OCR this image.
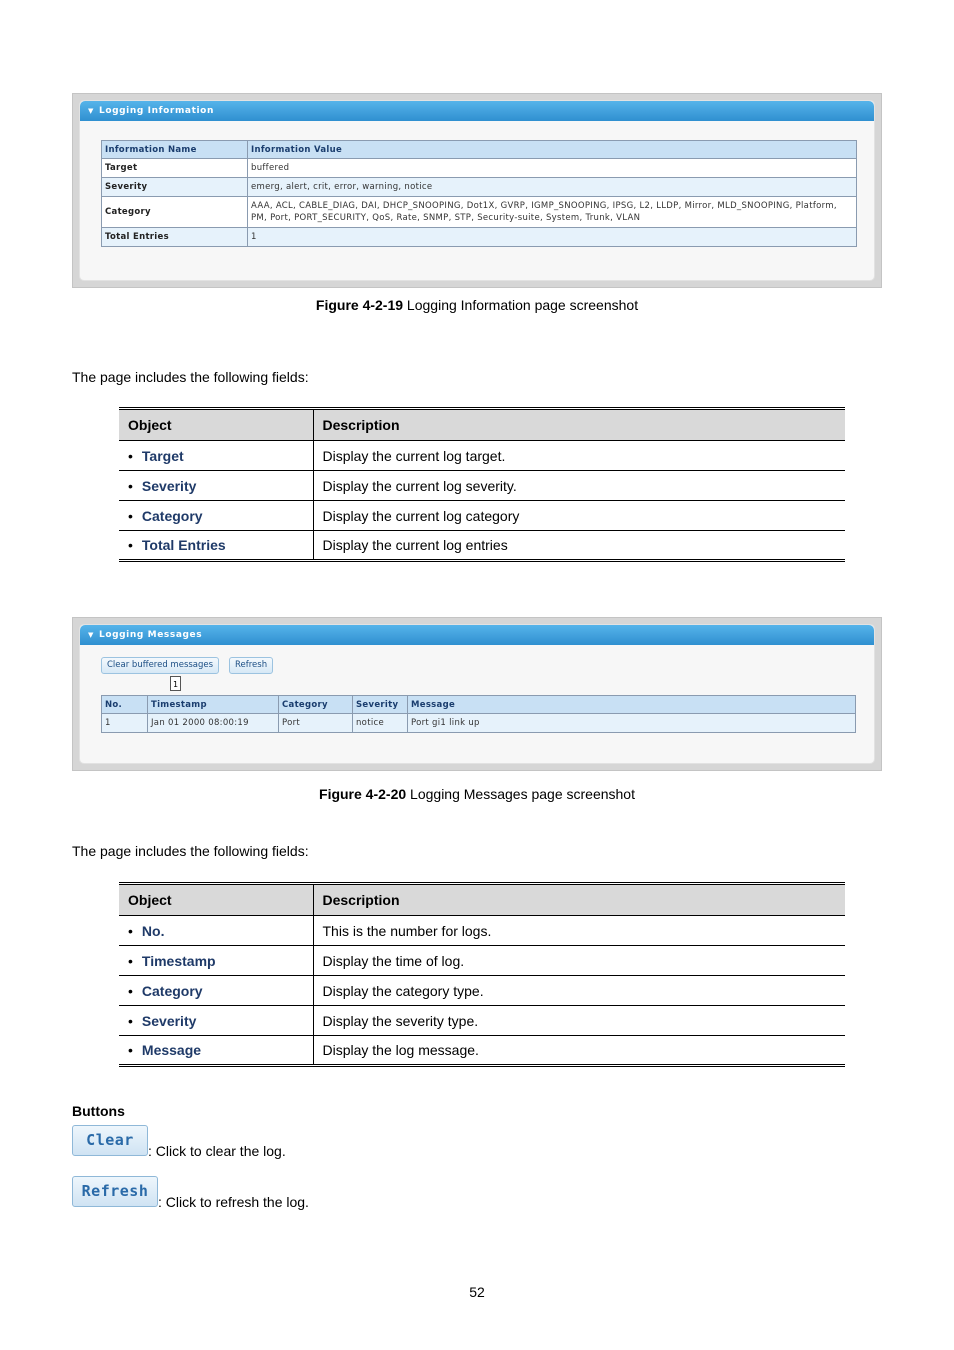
▼ Logging Information
Information Name	Information Value
Target	buffered
Severity	emerg, alert, crit, error, warning, notice
Category	AAA, ACL, CABLE_DIAG, DAI, DHCP_SNOOPING, Dot1X, GVRP, IGMP_SNOOPING, IPSG, L2, LLDP, Mirror, MLD_SNOOPING, Platform, PM, Port, PORT_SECURITY, QoS, Rate, SNMP, STP, Security-suite, System, Trunk, VLAN
Total Entries	1
Figure 4-2-19 Logging Information page screenshot
The page includes the following fields:
Object	Description
• Target	Display the current log target.
• Severity	Display the current log severity.
• Category	Display the current log category
• Total Entries	Display the current log entries
▼ Logging Messages
Clear buffered messages	Refresh
1
No.	Timestamp	Category	Severity	Message
1	Jan 01 2000 08:00:19	Port	notice	Port gi1 link up
Figure 4-2-20 Logging Messages page screenshot
The page includes the following fields:
Object	Description
• No.	This is the number for logs.
• Timestamp	Display the time of log.
• Category	Display the category type.
• Severity	Display the severity type.
• Message	Display the log message.
Buttons
Clear
: Click to clear the log.
Refresh
: Click to refresh the log.
52
